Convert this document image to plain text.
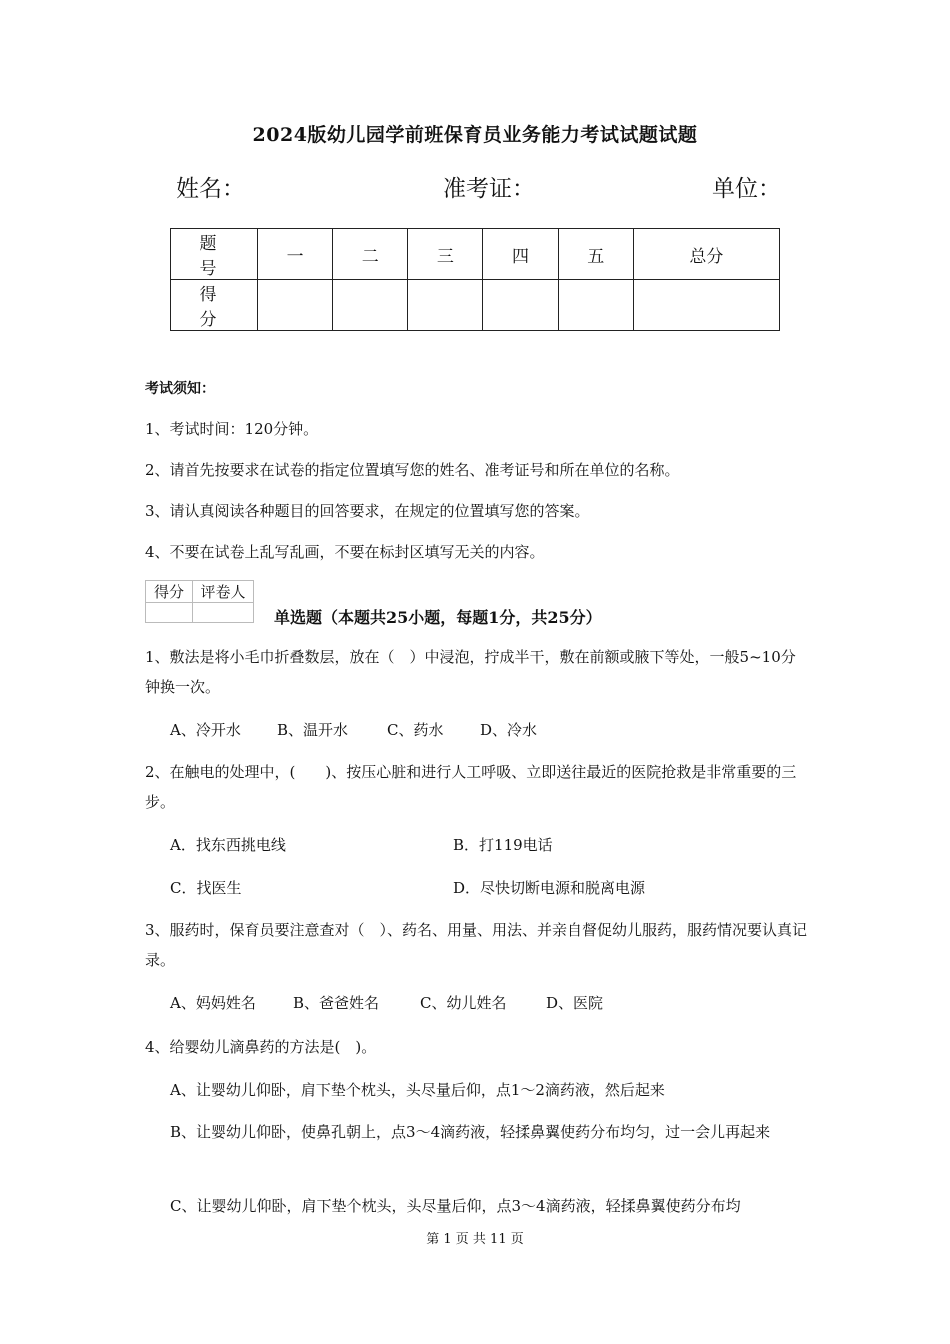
2024版幼儿园学前班保育员业务能力考试试题试题
姓名：	准考证：	单位：
题　号	一	二	三	四	五	总分
得　分						
考试须知：
1、考试时间：120分钟。
2、请首先按要求在试卷的指定位置填写您的姓名、准考证号和所在单位的名称。
3、请认真阅读各种题目的回答要求，在规定的位置填写您的答案。
4、不要在试卷上乱写乱画，不要在标封区填写无关的内容。
得分	评卷人

单选题（本题共25小题，每题1分，共25分）
1、敷法是将小毛巾折叠数层，放在（　）中浸泡，拧成半干，敷在前额或腋下等处，一般5~10分钟换一次。
A、冷开水 B、温开水	C、药水 D、冷水
2、在触电的处理中，(　　)、按压心脏和进行人工呼吸、立即送往最近的医院抢救是非常重要的三步。
A．找东西挑电线	B．打119电话
C．找医生	D．尽快切断电源和脱离电源
3、服药时，保育员要注意查对（　）、药名、用量、用法、并亲自督促幼儿服药，服药情况要认真记录。
A、妈妈姓名 B、爸爸姓名	C、幼儿姓名	D、医院
4、给婴幼儿滴鼻药的方法是(　)。
A、让婴幼儿仰卧，肩下垫个枕头，头尽量后仰，点1～2滴药液，然后起来
B、让婴幼儿仰卧，使鼻孔朝上，点3～4滴药液，轻揉鼻翼使药分布均匀，过一会儿再起来
C、让婴幼儿仰卧，肩下垫个枕头，头尽量后仰，点3～4滴药液，轻揉鼻翼使药分布均
第 1 页 共 11 页
